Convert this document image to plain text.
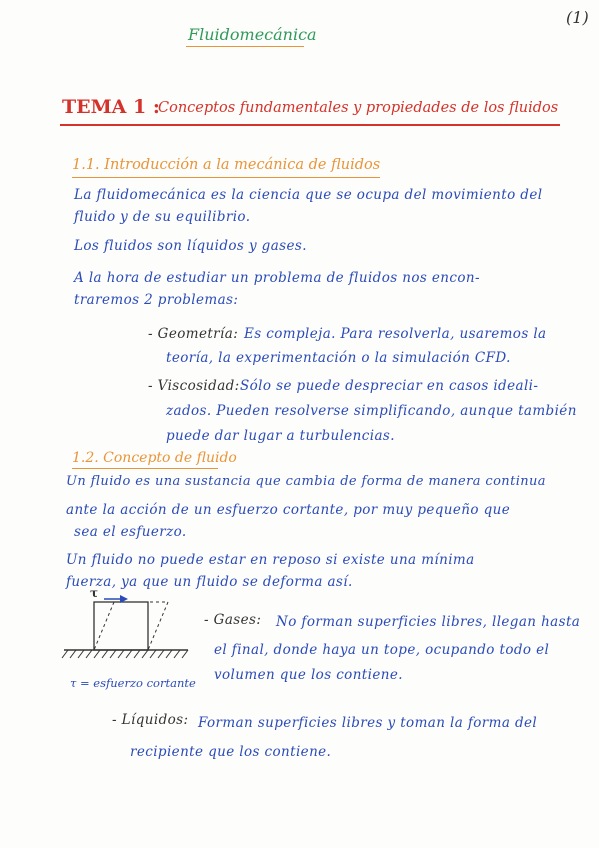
(1)
Fluidomecánica
TEMA 1 :
Conceptos fundamentales y propiedades de los fluidos
1.1. Introducción a la mecánica de fluidos
La fluidomecánica es la ciencia que se ocupa del movimiento del
fluido y de su equilibrio.
Los fluidos son líquidos y gases.
A la hora de estudiar un problema de fluidos nos encon-
traremos 2 problemas:
- Geometría: Es compleja. Para resolverla, usaremos la
teoría, la experimentación o la simulación CFD.
- Viscosidad: Sólo se puede despreciar en casos ideali-
zados. Pueden resolverse simplificando, aunque también
puede dar lugar a turbulencias.
1.2. Concepto de fluido
Un fluido es una sustancia que cambia de forma de manera continua
ante la acción de un esfuerzo cortante, por muy pequeño que
sea el esfuerzo.
Un fluido no puede estar en reposo si existe una mínima
fuerza, ya que un fluido se deforma así.
τ
τ = esfuerzo cortante
- Gases: No forman superficies libres, llegan hasta
el final, donde haya un tope, ocupando todo el
volumen que los contiene.
- Líquidos: Forman superficies libres y toman la forma del
recipiente que los contiene.
